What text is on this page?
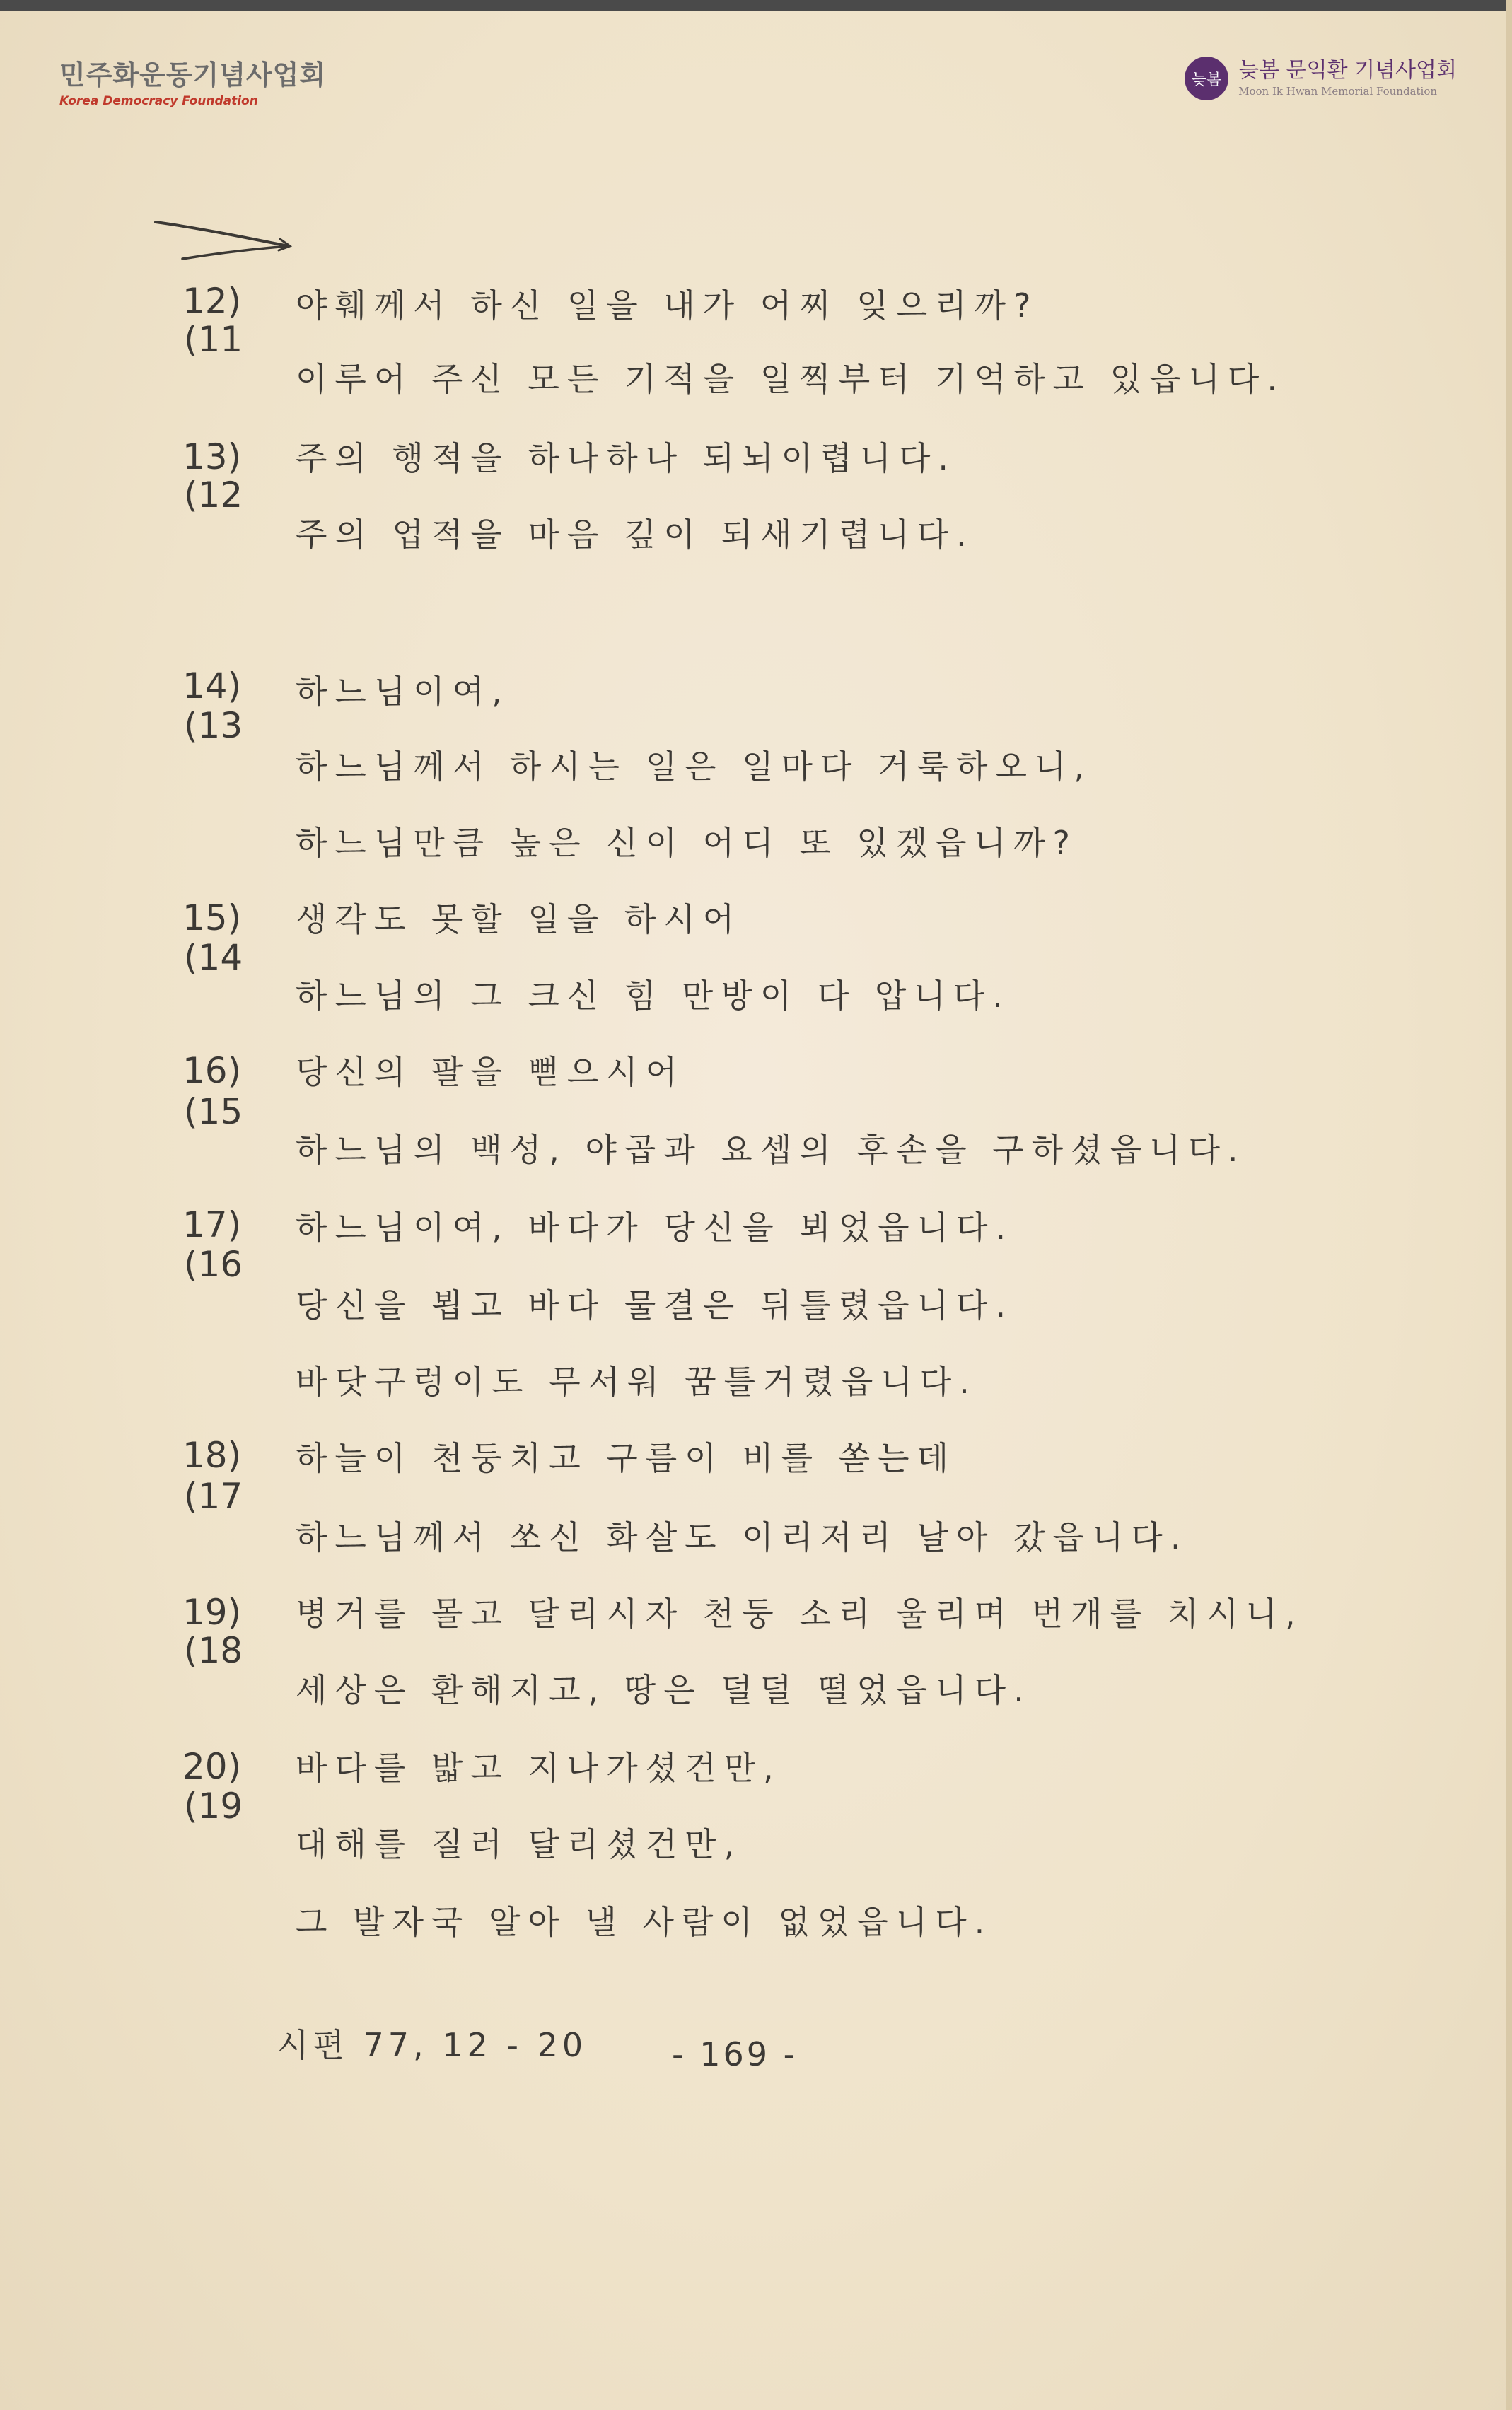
민주화운동기념사업회
Korea Democracy Foundation
늦봄 늦봄 문익환 기념사업회
Moon Ik Hwan Memorial Foundation
12)
(11
야훼께서 하신 일을 내가 어찌 잊으리까?
이루어 주신 모든 기적을 일찍부터 기억하고 있읍니다.
13)
(12
주의 행적을 하나하나 되뇌이렵니다.
주의 업적을 마음 깊이 되새기렵니다.
14)
(13
하느님이여,
하느님께서 하시는 일은 일마다 거룩하오니,
하느님만큼 높은 신이 어디 또 있겠읍니까?
15)
(14
생각도 못할 일을 하시어
하느님의 그 크신 힘 만방이 다 압니다.
16)
(15
당신의 팔을 뻗으시어
하느님의 백성, 야곱과 요셉의 후손을 구하셨읍니다.
17)
(16
하느님이여, 바다가 당신을 뵈었읍니다.
당신을 뵙고 바다 물결은 뒤틀렸읍니다.
바닷구렁이도 무서워 꿈틀거렸읍니다.
18)
(17
하늘이 천둥치고 구름이 비를 쏟는데
하느님께서 쏘신 화살도 이리저리 날아 갔읍니다.
19)
(18
병거를 몰고 달리시자 천둥 소리 울리며 번개를 치시니,
세상은 환해지고, 땅은 덜덜 떨었읍니다.
20)
(19
바다를 밟고 지나가셨건만,
대해를 질러 달리셨건만,
그 발자국 알아 낼 사람이 없었읍니다.
시편 77, 12 - 20	- 169 -
